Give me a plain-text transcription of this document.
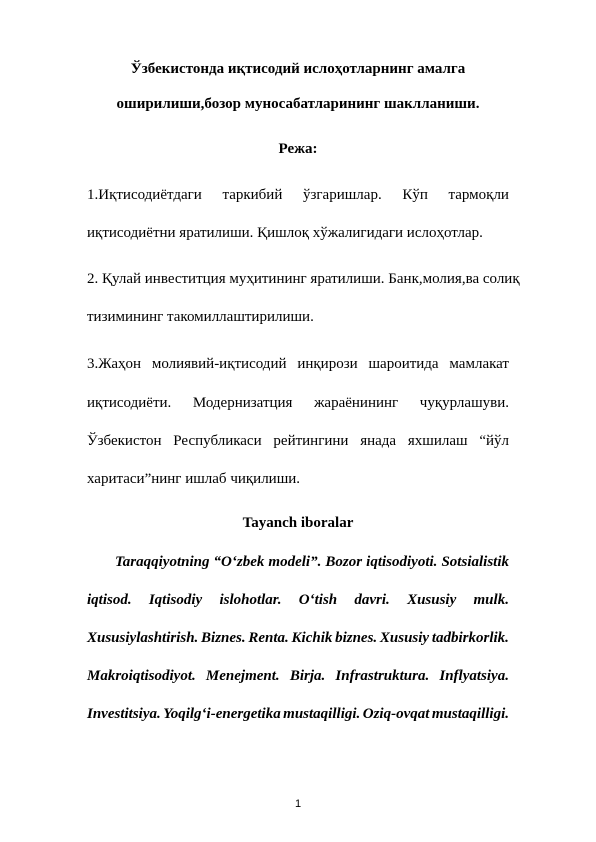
Ўзбекистонда иқтисодий ислоҳотларнинг амалга
оширилиши,бозор муносабатларининг шаклланиши.
Режа:
1.Иқтисодиётдаги таркибий ўзгаришлар. Кўп тармоқли
иқтисодиётни яратилиши. Қишлоқ хўжалигидаги ислоҳотлар.
2. Қулай инвеститция муҳитининг яратилиши. Банк,молия,ва солиқ
тизимининг такомиллаштирилиши.
3.Жаҳон молиявий-иқтисодий инқирози шароитида мамлакат
иқтисодиёти. Модернизатция жараёнининг чуқурлашуви.
Ўзбекистон Республикаси рейтингини янада яхшилаш “йўл
харитаси”нинг ишлаб чиқилиши.
Tayanch iboralar
Taraqqiyotning “O‘zbek modeli”. Bozor iqtisodiyoti. Sotsialistik
iqtisod. Iqtisodiy islohotlar. O‘tish davri. Xususiy mulk.
Xususiylashtirish. Biznes. Renta. Kichik biznes. Xususiy tadbirkorlik.
Makroiqtisodiyot. Menejment. Birja. Infrastruktura. Inflyatsiya.
Investitsiya. Yoqilg‘i-energetika mustaqilligi. Oziq-ovqat mustaqilligi.
1
